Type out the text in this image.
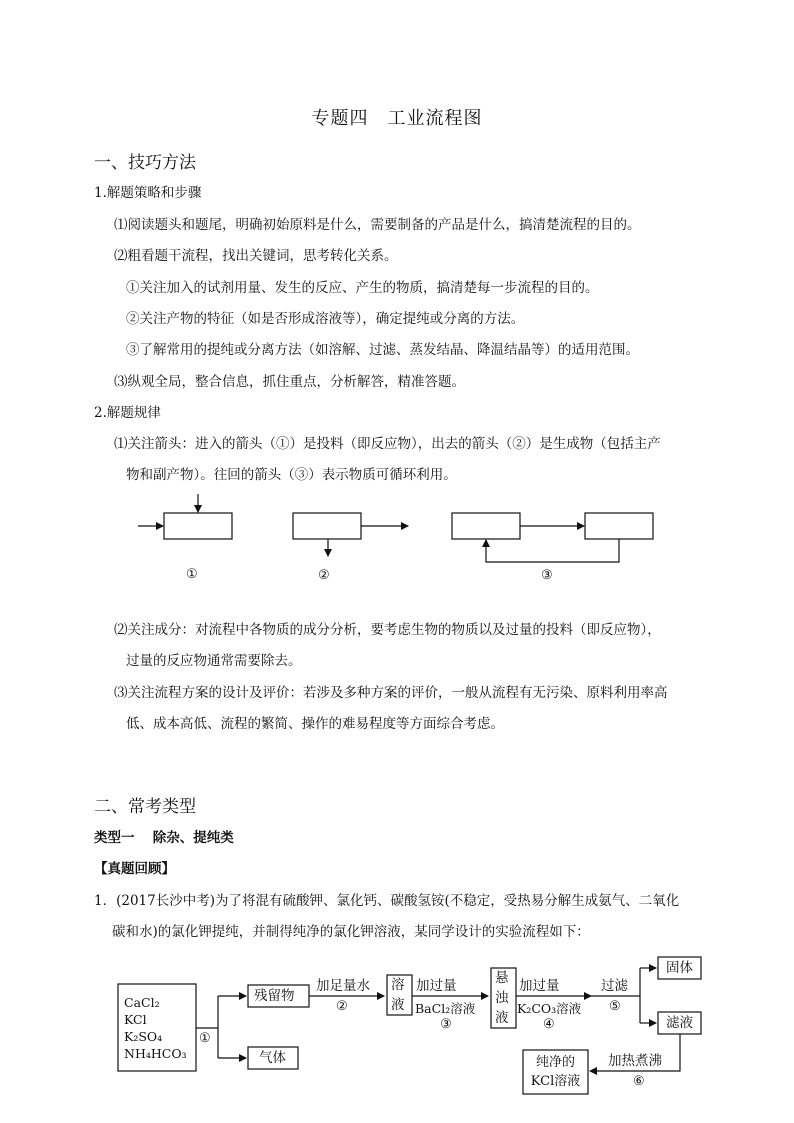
专题四　工业流程图
一、技巧方法
1.解题策略和步骤
⑴阅读题头和题尾，明确初始原料是什么，需要制备的产品是什么，搞清楚流程的目的。
⑵粗看题干流程，找出关键词，思考转化关系。
①关注加入的试剂用量、发生的反应、产生的物质，搞清楚每一步流程的目的。
②关注产物的特征（如是否形成溶液等），确定提纯或分离的方法。
③了解常用的提纯或分离方法（如溶解、过滤、蒸发结晶、降温结晶等）的适用范围。
⑶纵观全局，整合信息，抓住重点，分析解答，精准答题。
2.解题规律
⑴关注箭头：进入的箭头（①）是投料（即反应物），出去的箭头（②）是生成物（包括主产
物和副产物）。往回的箭头（③）表示物质可循环利用。
①	②	③
⑵关注成分：对流程中各物质的成分分析，要考虑生物的物质以及过量的投料（即反应物），
过量的反应物通常需要除去。
⑶关注流程方案的设计及评价：若涉及多种方案的评价，一般从流程有无污染、原料利用率高
低、成本高低、流程的繁简、操作的难易程度等方面综合考虑。
二、常考类型
类型一　 除杂、提纯类
【真题回顾】
1．(2017长沙中考)为了将混有硫酸钾、氯化钙、碳酸氢铵(不稳定，受热易分解生成氨气、二氧化
碳和水)的氯化钾提纯，并制得纯净的氯化钾溶液，某同学设计的实验流程如下：
CaCl₂
KCl
K₂SO₄
NH₄HCO₃
①
残留物
气体
加足量水
②
溶
液
加过量
BaCl₂溶液
③
悬
浊
液
加过量
K₂CO₃溶液
④
过滤
⑤
固体
滤液
加热煮沸
⑥
纯净的
KCl溶液
